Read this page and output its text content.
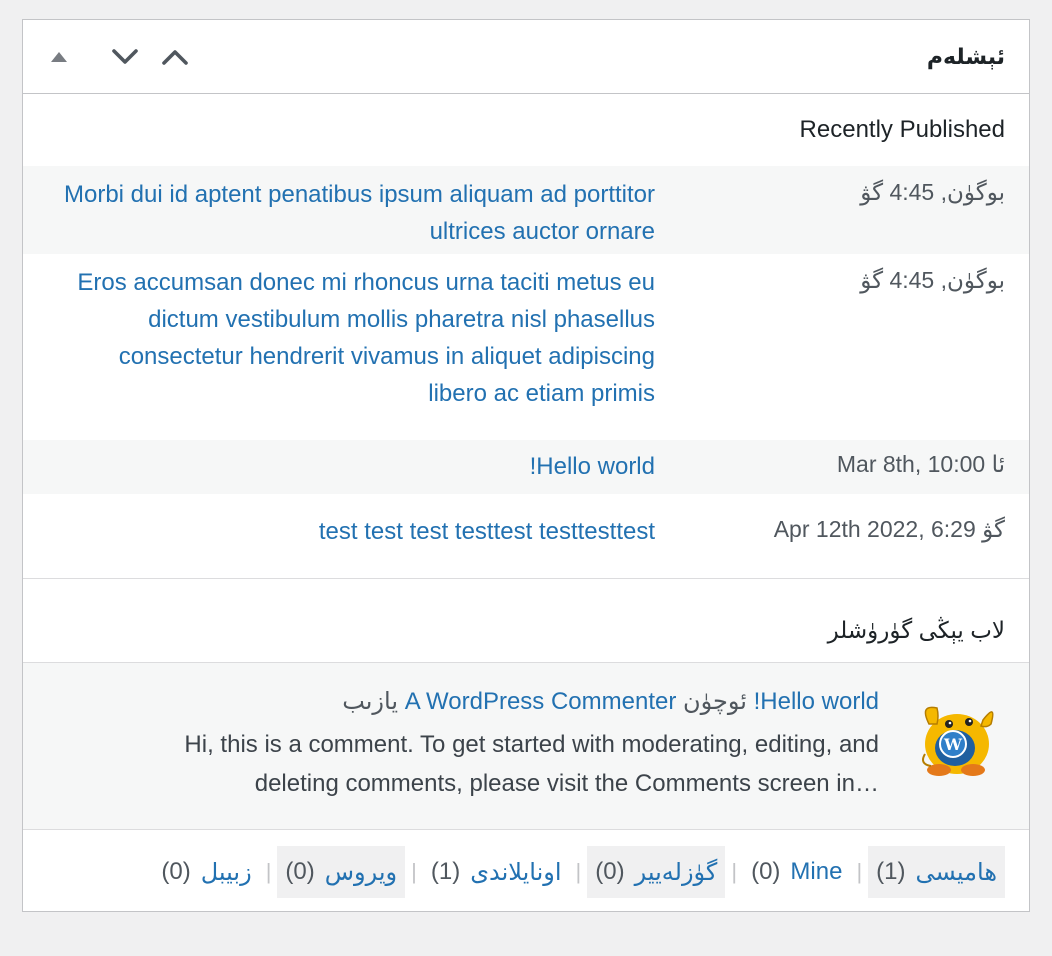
ئېشلەم
Recently Published
بوگۈن, 4:45 گ‍ۋ
Morbi dui id aptent penatibus ipsum aliquam ad porttitor ultrices auctor ornare
بوگۈن, 4:45 گ‍ۋ
Eros accumsan donec mi rhoncus urna taciti metus eu dictum vestibulum mollis pharetra nisl phasellus consectetur hendrerit vivamus in aliquet adipiscing libero ac etiam primis
Mar 8th, 10:00 ئ‍ا
!Hello world
Apr 12th 2022, 6:29 گ‍ۋ
test test test testtest testtesttest
لاب يېڭى گۈرۈشلر
W
Hello world! ئوچۈن A WordPress Commenter يازىب
Hi, this is a comment. To get started with moderating, editing, and deleting comments, please visit the Comments screen in…
(1) ھامیسى
|
(0) Mine
|
(0) گۈزلەییر
|
(1) اونايلاندى
|
(0) ويروس
|
(0) زبيبل
